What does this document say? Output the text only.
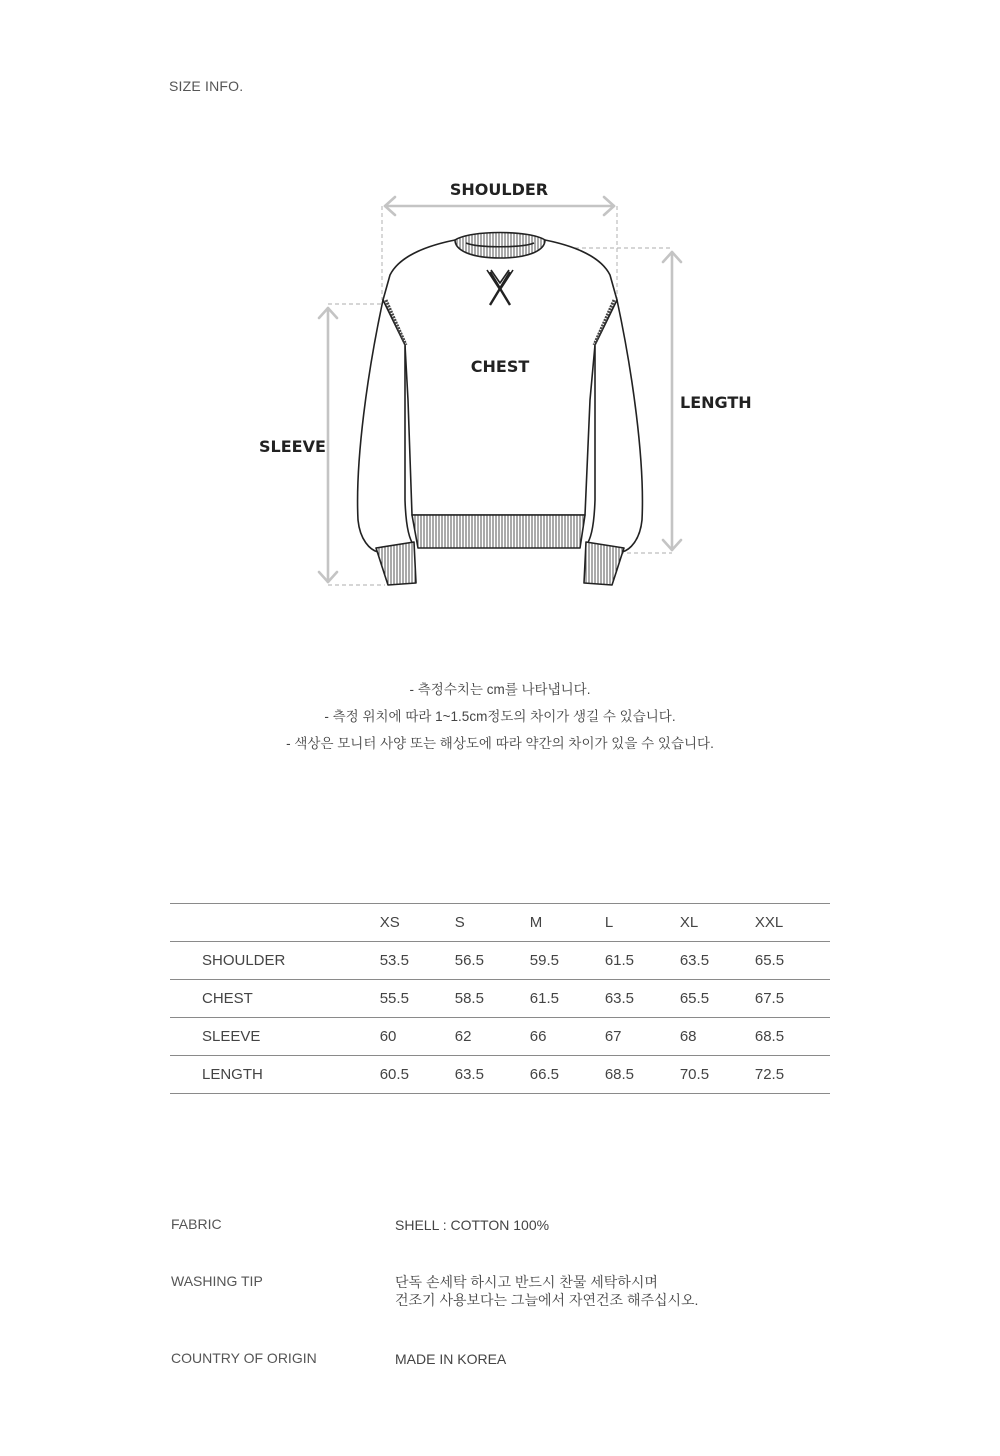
SIZE INFO.
SHOULDER
CHEST
LENGTH
SLEEVE
- 측정수치는 cm를 나타냅니다.
- 측정 위치에 따라 1~1.5cm정도의 차이가 생길 수 있습니다.
- 색상은 모니터 사양 또는 해상도에 따라 약간의 차이가 있을 수 있습니다.
	XS	S	M	L	XL	XXL
SHOULDER	53.5	56.5	59.5	61.5	63.5	65.5
CHEST	55.5	58.5	61.5	63.5	65.5	67.5
SLEEVE	60	62	66	67	68	68.5
LENGTH	60.5	63.5	66.5	68.5	70.5	72.5
FABRIC	SHELL : COTTON 100%
WASHING TIP	단독 손세탁 하시고 반드시 찬물 세탁하시며
건조기 사용보다는 그늘에서 자연건조 해주십시오.
COUNTRY OF ORIGIN	MADE IN KOREA
